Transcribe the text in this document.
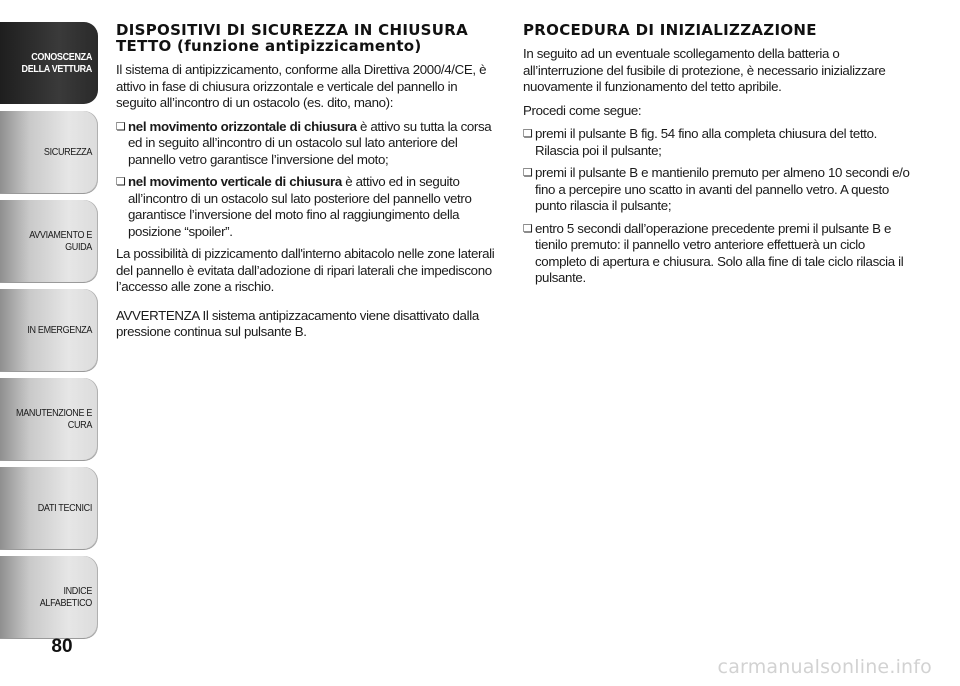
CONOSCENZA
DELLA VETTURA
SICUREZZA
AVVIAMENTO E
GUIDA
IN EMERGENZA
MANUTENZIONE E
CURA
DATI TECNICI
INDICE ALFABETICO
80
DISPOSITIVI DI SICUREZZA IN CHIUSURA TETTO (funzione antipizzicamento)

Il sistema di antipizzicamento, conforme alla Direttiva 2000/4/CE, è attivo in fase di chiusura orizzontale e verticale del pannello in seguito all’incontro di un ostacolo (es. dito, mano):

❏ nel movimento orizzontale di chiusura è attivo su tutta la corsa ed in seguito all’incontro di un ostacolo sul lato anteriore del pannello vetro garantisce l’inversione del moto;
❏ nel movimento verticale di chiusura è attivo ed in seguito all’incontro di un ostacolo sul lato posteriore del pannello vetro garantisce l’inversione del moto fino al raggiungimento della posizione “spoiler”.

La possibilità di pizzicamento dall'interno abitacolo nelle zone laterali del pannello è evitata dall’adozione di ripari laterali che impediscono l’accesso alle zone a rischio.

AVVERTENZA Il sistema antipizzacamento viene disattivato dalla pressione continua sul pulsante B.

PROCEDURA DI INIZIALIZZAZIONE

In seguito ad un eventuale scollegamento della batteria o all’interruzione del fusibile di protezione, è necessario inizializzare nuovamente il funzionamento del tetto apribile.

Procedi come segue:

❏ premi il pulsante B fig. 54 fino alla completa chiusura del tetto. Rilascia poi il pulsante;
❏ premi il pulsante B e mantienilo premuto per almeno 10 secondi e/o fino a percepire uno scatto in avanti del pannello vetro. A questo punto rilascia il pulsante;
❏ entro 5 secondi dall’operazione precedente premi il pulsante B e tienilo premuto: il pannello vetro anteriore effettuerà un ciclo completo di apertura e chiusura. Solo alla fine di tale ciclo rilascia il pulsante.
carmanualsonline.info
